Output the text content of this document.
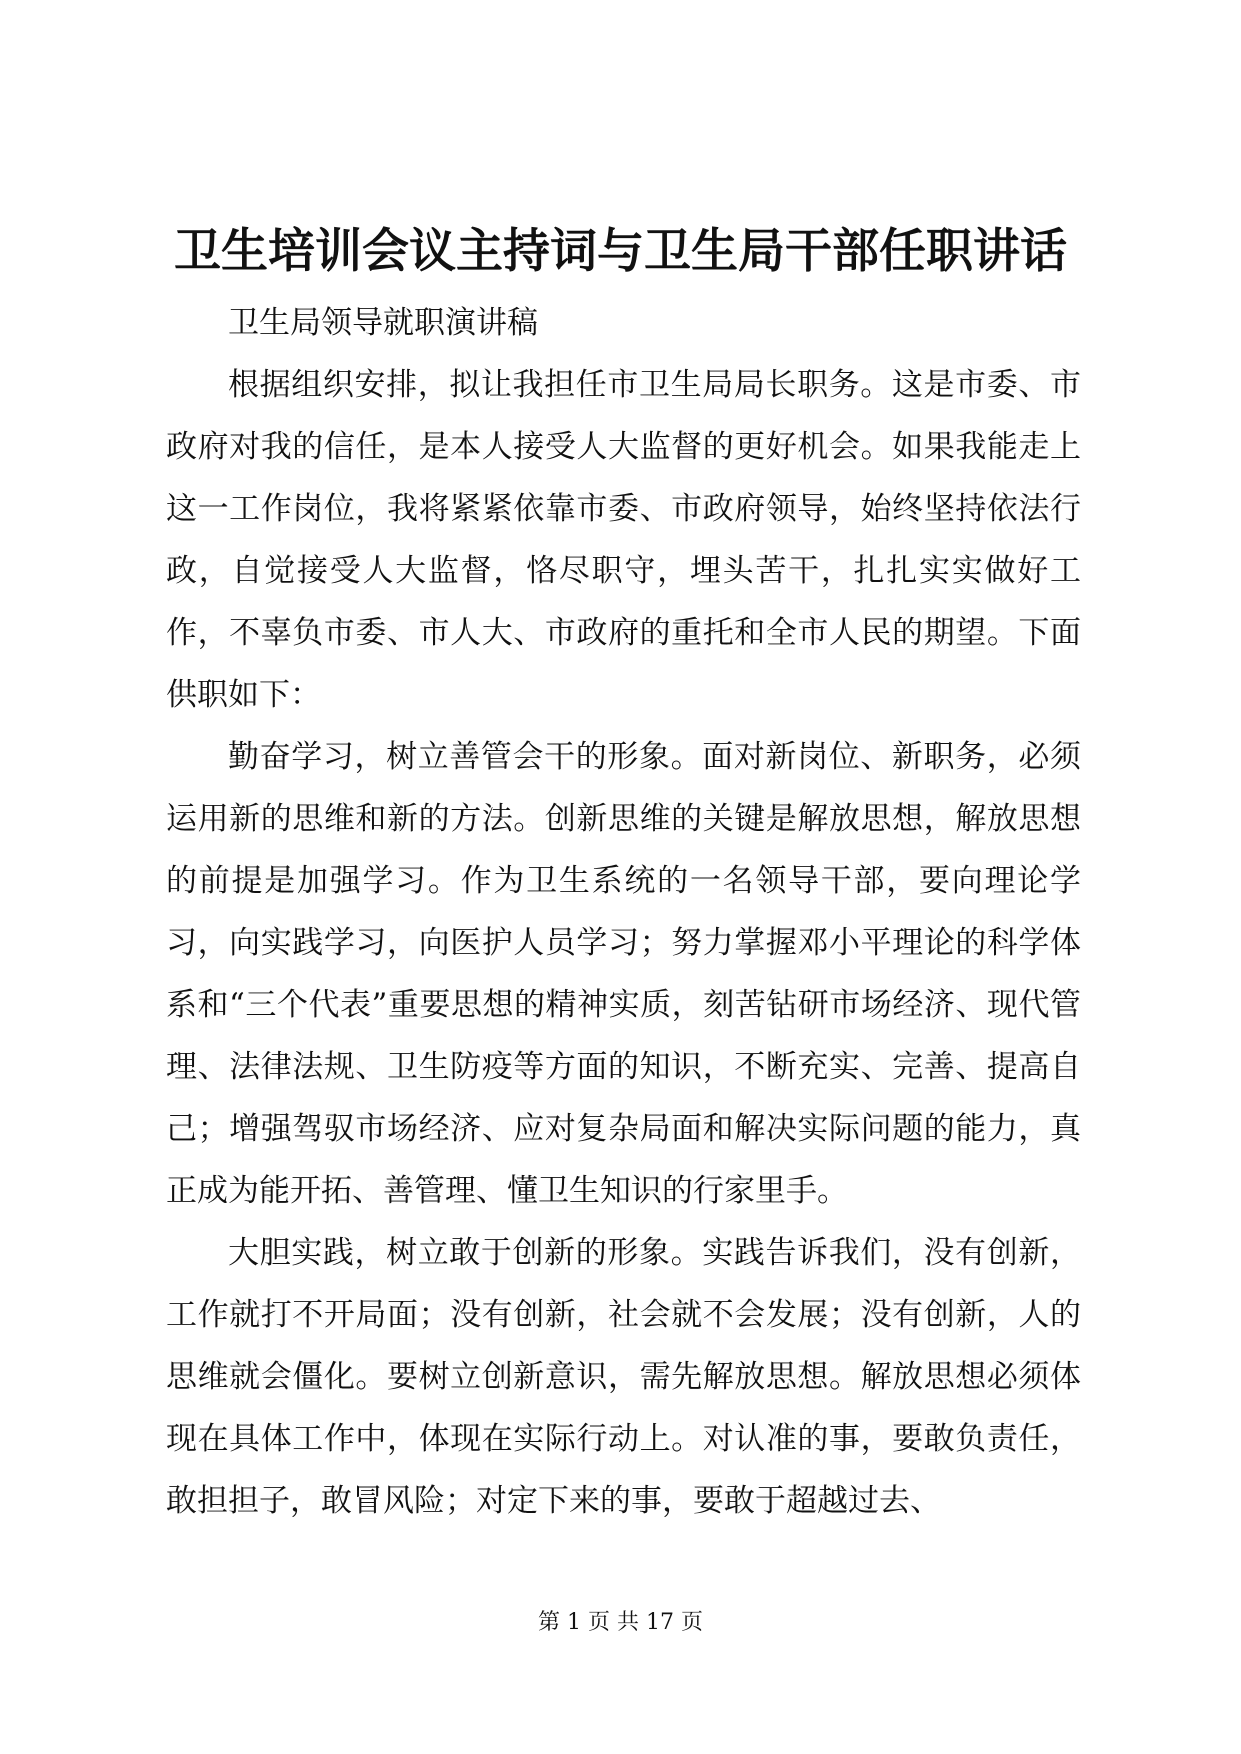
卫生培训会议主持词与卫生局干部任职讲话

卫生局领导就职演讲稿

根据组织安排，拟让我担任市卫生局局长职务。这是市委、市政府对我的信任，是本人接受人大监督的更好机会。如果我能走上这一工作岗位，我将紧紧依靠市委、市政府领导，始终坚持依法行政，自觉接受人大监督，恪尽职守，埋头苦干，扎扎实实做好工作，不辜负市委、市人大、市政府的重托和全市人民的期望。下面供职如下：

勤奋学习，树立善管会干的形象。面对新岗位、新职务，必须运用新的思维和新的方法。创新思维的关键是解放思想，解放思想的前提是加强学习。作为卫生系统的一名领导干部，要向理论学习，向实践学习，向医护人员学习；努力掌握邓小平理论的科学体系和“三个代表”重要思想的精神实质，刻苦钻研市场经济、现代管理、法律法规、卫生防疫等方面的知识，不断充实、完善、提高自己；增强驾驭市场经济、应对复杂局面和解决实际问题的能力，真正成为能开拓、善管理、懂卫生知识的行家里手。

大胆实践，树立敢于创新的形象。实践告诉我们，没有创新，工作就打不开局面；没有创新，社会就不会发展；没有创新，人的思维就会僵化。要树立创新意识，需先解放思想。解放思想必须体现在具体工作中，体现在实际行动上。对认准的事，要敢负责任，敢担担子，敢冒风险；对定下来的事，要敢于超越过去、

第 1 页 共 17 页
